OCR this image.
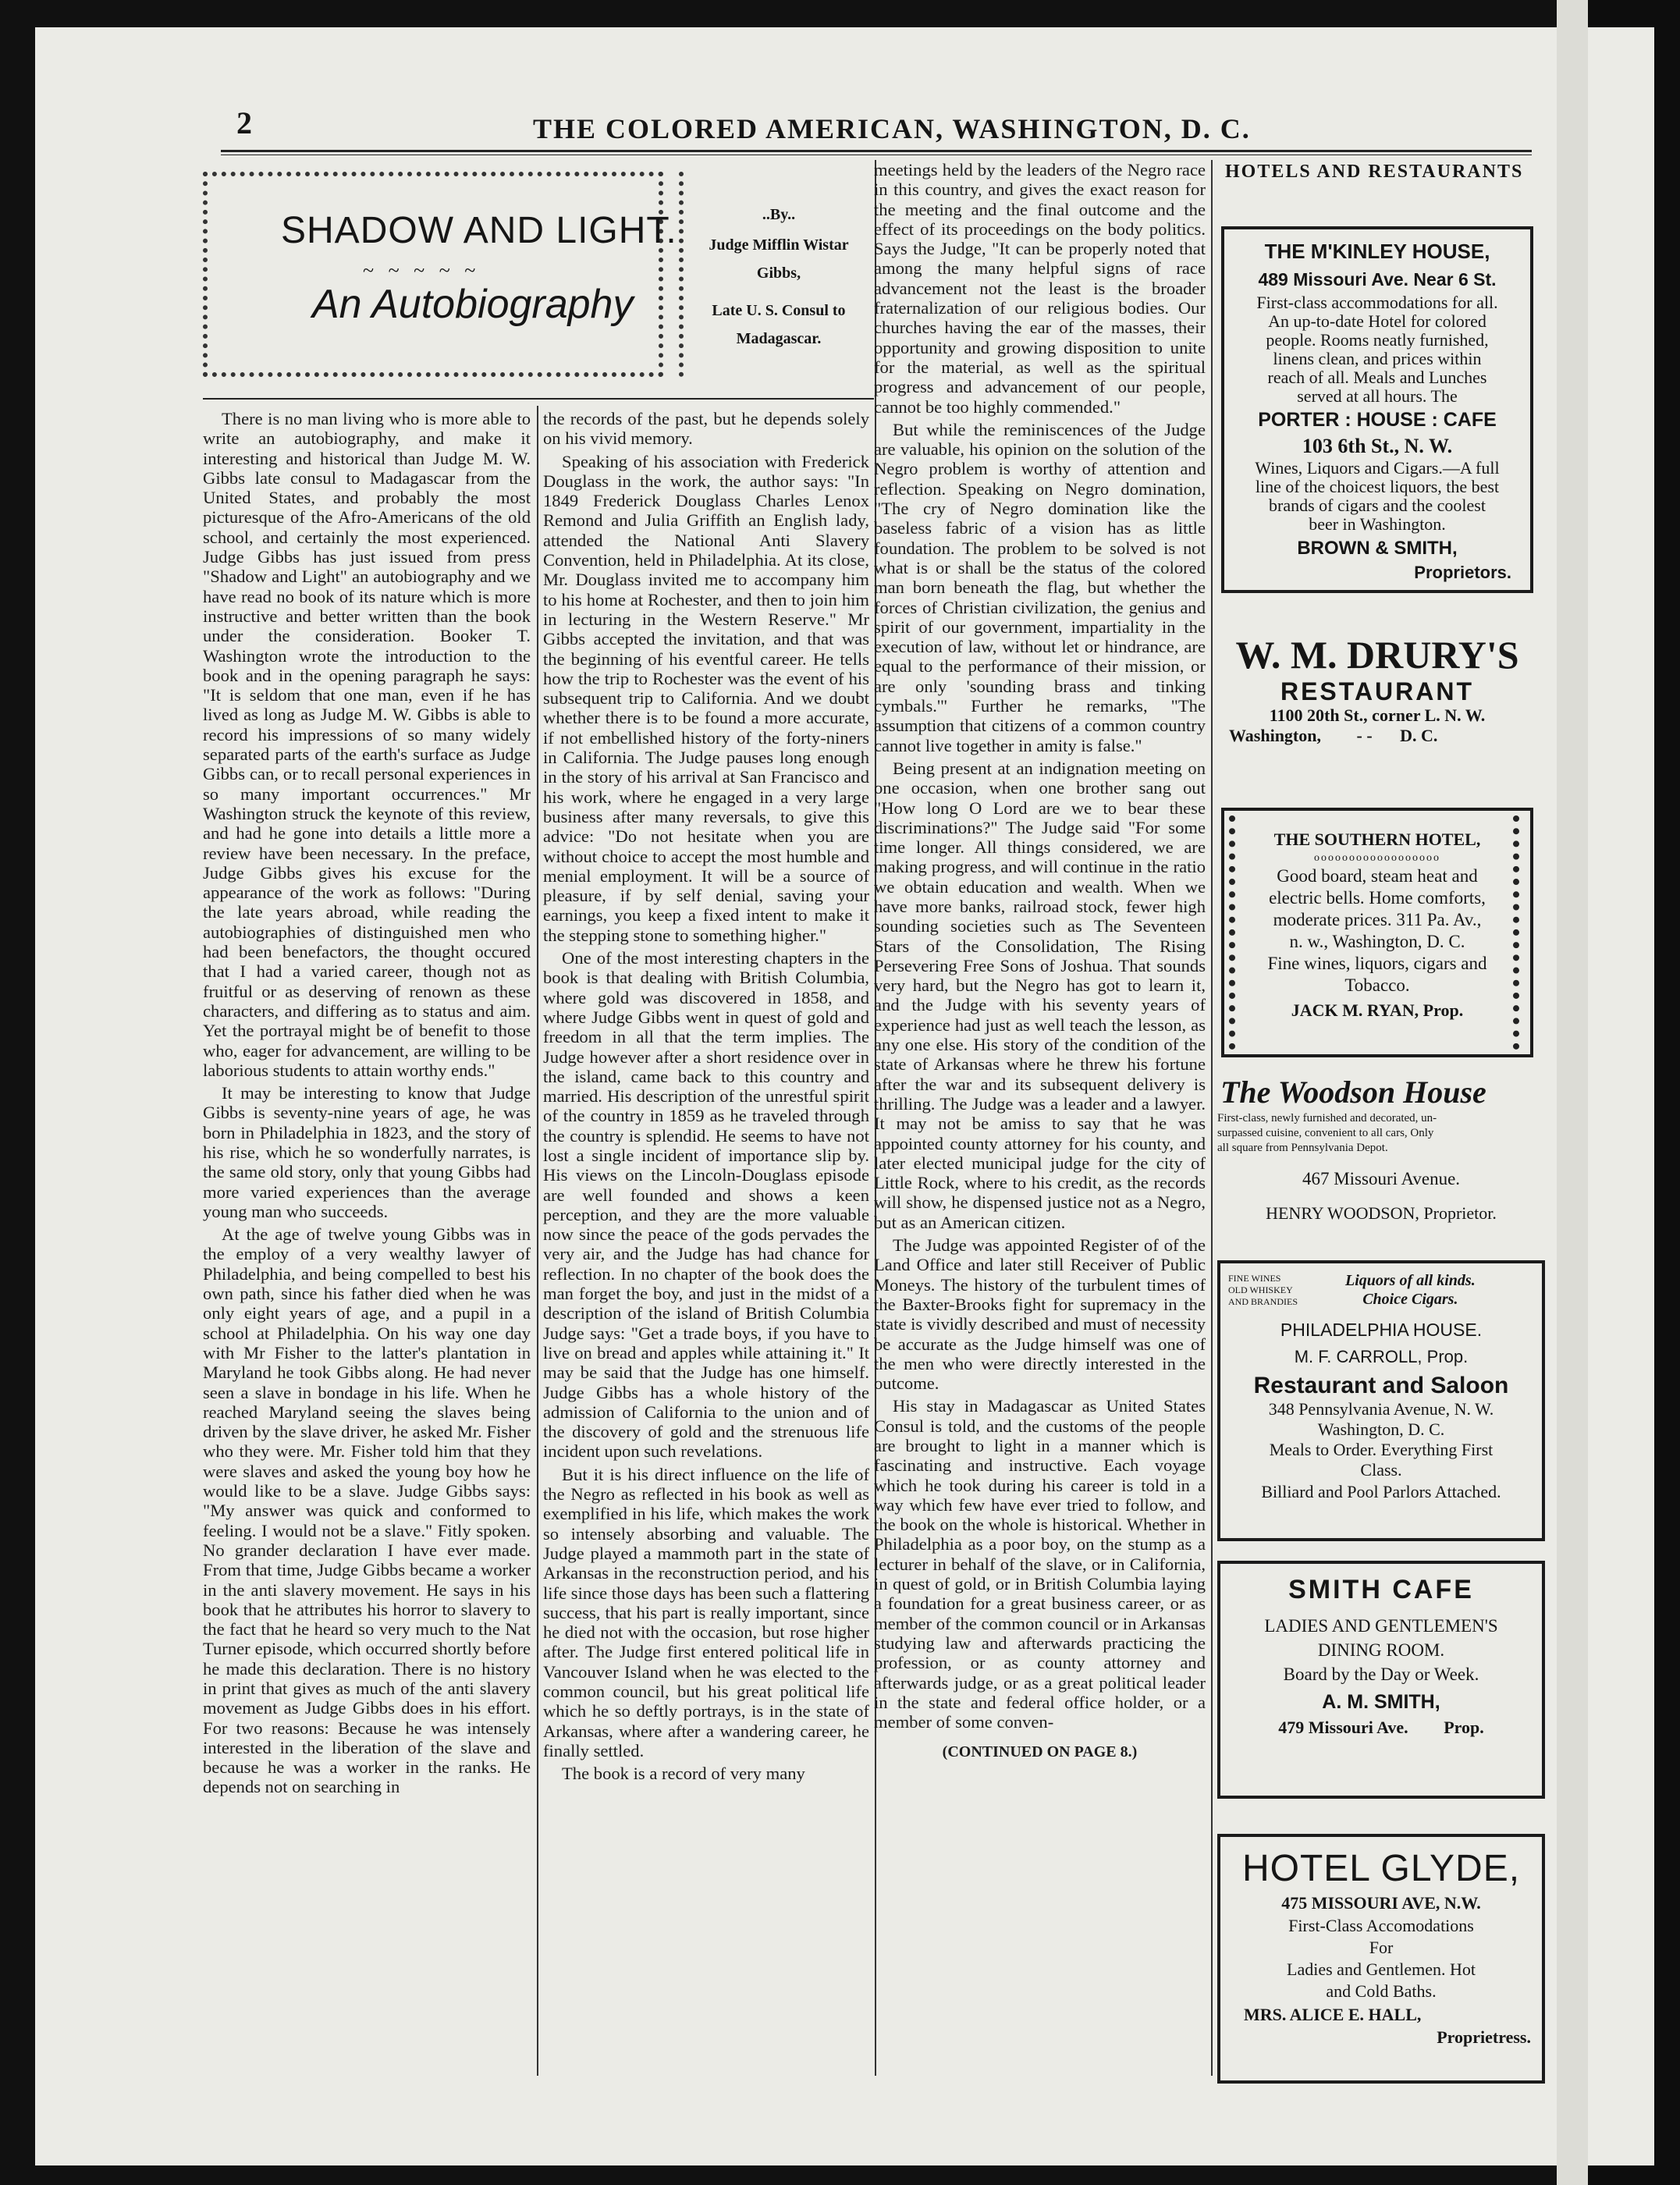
2	THE COLORED AMERICAN, WASHINGTON, D. C.
SHADOW AND LIGHT.
~ ~ ~ ~ ~
An Autobiography
..By..
Judge Mifflin Wistar Gibbs,
Late U. S. Consul to Madagascar.

There is no man living who is more able to write an autobiography, and make it interesting and historical than Judge M. W. Gibbs late consul to Madagascar from the United States, and probably the most picturesque of the Afro-Americans of the old school, and certainly the most experienced. Judge Gibbs has just issued from press "Shadow and Light" an autobiography and we have read no book of its nature which is more instructive and better written than the book under the consideration. Booker T. Washington wrote the introduction to the book and in the opening paragraph he says: "It is seldom that one man, even if he has lived as long as Judge M. W. Gibbs is able to record his impressions of so many widely separated parts of the earth's surface as Judge Gibbs can, or to recall personal experiences in so many important occurrences." Mr Washington struck the keynote of this review, and had he gone into details a little more a review have been necessary. In the preface, Judge Gibbs gives his excuse for the appearance of the work as follows: "During the late years abroad, while reading the autobiographies of distinguished men who had been benefactors, the thought occured that I had a varied career, though not as fruitful or as deserving of renown as these characters, and differing as to status and aim. Yet the portrayal might be of benefit to those who, eager for advancement, are willing to be laborious students to attain worthy ends."

It may be interesting to know that Judge Gibbs is seventy-nine years of age, he was born in Philadelphia in 1823, and the story of his rise, which he so wonderfully narrates, is the same old story, only that young Gibbs had more varied experiences than the average young man who succeeds.

At the age of twelve young Gibbs was in the employ of a very wealthy lawyer of Philadelphia, and being compelled to best his own path, since his father died when he was only eight years of age, and a pupil in a school at Philadelphia. On his way one day with Mr Fisher to the latter's plantation in Maryland he took Gibbs along. He had never seen a slave in bondage in his life. When he reached Maryland seeing the slaves being driven by the slave driver, he asked Mr. Fisher who they were. Mr. Fisher told him that they were slaves and asked the young boy how he would like to be a slave. Judge Gibbs says: "My answer was quick and conformed to feeling. I would not be a slave." Fitly spoken. No grander declaration I have ever made. From that time, Judge Gibbs became a worker in the anti slavery movement. He says in his book that he attributes his horror to slavery to the fact that he heard so very much to the Nat Turner episode, which occurred shortly before he made this declaration. There is no history in print that gives as much of the anti slavery movement as Judge Gibbs does in his effort. For two reasons: Because he was intensely interested in the liberation of the slave and because he was a worker in the ranks. He depends not on searching in

the records of the past, but he depends solely on his vivid memory.

Speaking of his association with Frederick Douglass in the work, the author says: "In 1849 Frederick Douglass Charles Lenox Remond and Julia Griffith an English lady, attended the National Anti Slavery Convention, held in Philadelphia. At its close, Mr. Douglass invited me to accompany him to his home at Rochester, and then to join him in lecturing in the Western Reserve." Mr Gibbs accepted the invitation, and that was the beginning of his eventful career. He tells how the trip to Rochester was the event of his subsequent trip to California. And we doubt whether there is to be found a more accurate, if not embellished history of the forty-niners in California. The Judge pauses long enough in the story of his arrival at San Francisco and his work, where he engaged in a very large business after many reversals, to give this advice: "Do not hesitate when you are without choice to accept the most humble and menial employment. It will be a source of pleasure, if by self denial, saving your earnings, you keep a fixed intent to make it the stepping stone to something higher."

One of the most interesting chapters in the book is that dealing with British Columbia, where gold was discovered in 1858, and where Judge Gibbs went in quest of gold and freedom in all that the term implies. The Judge however after a short residence over in the island, came back to this country and married. His description of the unrestful spirit of the country in 1859 as he traveled through the country is splendid. He seems to have not lost a single incident of importance slip by. His views on the Lincoln-Douglass episode are well founded and shows a keen perception, and they are the more valuable now since the peace of the gods pervades the very air, and the Judge has had chance for reflection. In no chapter of the book does the man forget the boy, and just in the midst of a description of the island of British Columbia Judge says: "Get a trade boys, if you have to live on bread and apples while attaining it." It may be said that the Judge has one himself. Judge Gibbs has a whole history of the admission of California to the union and of the discovery of gold and the strenuous life incident upon such revelations.

But it is his direct influence on the life of the Negro as reflected in his book as well as exemplified in his life, which makes the work so intensely absorbing and valuable. The Judge played a mammoth part in the state of Arkansas in the reconstruction period, and his life since those days has been such a flattering success, that his part is really important, since he died not with the occasion, but rose higher after. The Judge first entered political life in Vancouver Island when he was elected to the common council, but his great political life which he so deftly portrays, is in the state of Arkansas, where after a wandering career, he finally settled.

The book is a record of very many

meetings held by the leaders of the Negro race in this country, and gives the exact reason for the meeting and the final outcome and the effect of its proceedings on the body politics. Says the Judge, "It can be properly noted that among the many helpful signs of race advancement not the least is the broader fraternalization of our religious bodies. Our churches having the ear of the masses, their opportunity and growing disposition to unite for the material, as well as the spiritual progress and advancement of our people, cannot be too highly commended."

But while the reminiscences of the Judge are valuable, his opinion on the solution of the Negro problem is worthy of attention and reflection. Speaking on Negro domination, "The cry of Negro domination like the baseless fabric of a vision has as little foundation. The problem to be solved is not what is or shall be the status of the colored man born beneath the flag, but whether the forces of Christian civilization, the genius and spirit of our government, impartiality in the execution of law, without let or hindrance, are equal to the performance of their mission, or are only 'sounding brass and tinking cymbals.'" Further he remarks, "The assumption that citizens of a common country cannot live together in amity is false."

Being present at an indignation meeting on one occasion, when one brother sang out "How long O Lord are we to bear these discriminations?" The Judge said "For some time longer. All things considered, we are making progress, and will continue in the ratio we obtain education and wealth. When we have more banks, railroad stock, fewer high sounding societies such as The Seventeen Stars of the Consolidation, The Rising Persevering Free Sons of Joshua. That sounds very hard, but the Negro has got to learn it, and the Judge with his seventy years of experience had just as well teach the lesson, as any one else. His story of the condition of the state of Arkansas where he threw his fortune after the war and its subsequent delivery is thrilling. The Judge was a leader and a lawyer. It may not be amiss to say that he was appointed county attorney for his county, and later elected municipal judge for the city of Little Rock, where to his credit, as the records will show, he dispensed justice not as a Negro, but as an American citizen.

The Judge was appointed Register of of the Land Office and later still Receiver of Public Moneys. The history of the turbulent times of the Baxter-Brooks fight for supremacy in the state is vividly described and must of necessity be accurate as the Judge himself was one of the men who were directly interested in the outcome.

His stay in Madagascar as United States Consul is told, and the customs of the people are brought to light in a manner which is fascinating and instructive. Each voyage which he took during his career is told in a way which few have ever tried to follow, and the book on the whole is historical. Whether in Philadelphia as a poor boy, on the stump as a lecturer in behalf of the slave, or in California, in quest of gold, or in British Columbia laying a foundation for a great business career, or as member of the common council or in Arkansas studying law and afterwards practicing the profession, or as county attorney and afterwards judge, or as a great political leader in the state and federal office holder, or a member of some conven-

(CONTINUED ON PAGE 8.)
HOTELS AND RESTAURANTS
THE M'KINLEY HOUSE,
489 Missouri Ave. Near 6 St.
First-class accommodations for all.
An up-to-date Hotel for colored
people. Rooms neatly furnished,
linens clean, and prices within
reach of all. Meals and Lunches
served at all hours. The
PORTER : HOUSE : CAFE
103 6th St., N. W.
Wines, Liquors and Cigars.—A full
line of the choicest liquors, the best
brands of cigars and the coolest
beer in Washington.
BROWN & SMITH,
Proprietors.
W. M. DRURY'S
RESTAURANT
1100 20th St., corner L. N. W.
Washington, - - D. C.
THE SOUTHERN HOTEL,
oooooooooooooooooo
Good board, steam heat and
electric bells. Home comforts,
moderate prices. 311 Pa. Av.,
n. w., Washington, D. C.
Fine wines, liquors, cigars and
Tobacco.
JACK M. RYAN, Prop.
The Woodson House
First-class, newly furnished and decorated, un-
surpassed cuisine, convenient to all cars, Only
all square from Pennsylvania Depot.
467 Missouri Avenue.
HENRY WOODSON, Proprietor.
FINE WINES
OLD WHISKEY
AND BRANDIES
Liquors of all kinds.
Choice Cigars.
PHILADELPHIA HOUSE.
M. F. CARROLL, Prop.
Restaurant and Saloon
348 Pennsylvania Avenue, N. W.
Washington, D. C.
Meals to Order. Everything First
Class.
Billiard and Pool Parlors Attached.
SMITH CAFE
LADIES AND GENTLEMEN'S
DINING ROOM.
Board by the Day or Week.
A. M. SMITH,
479 Missouri Ave. Prop.
HOTEL GLYDE,
475 MISSOURI AVE, N.W.
First-Class Accomodations
For
Ladies and Gentlemen. Hot
and Cold Baths.
MRS. ALICE E. HALL,
Proprietress.
